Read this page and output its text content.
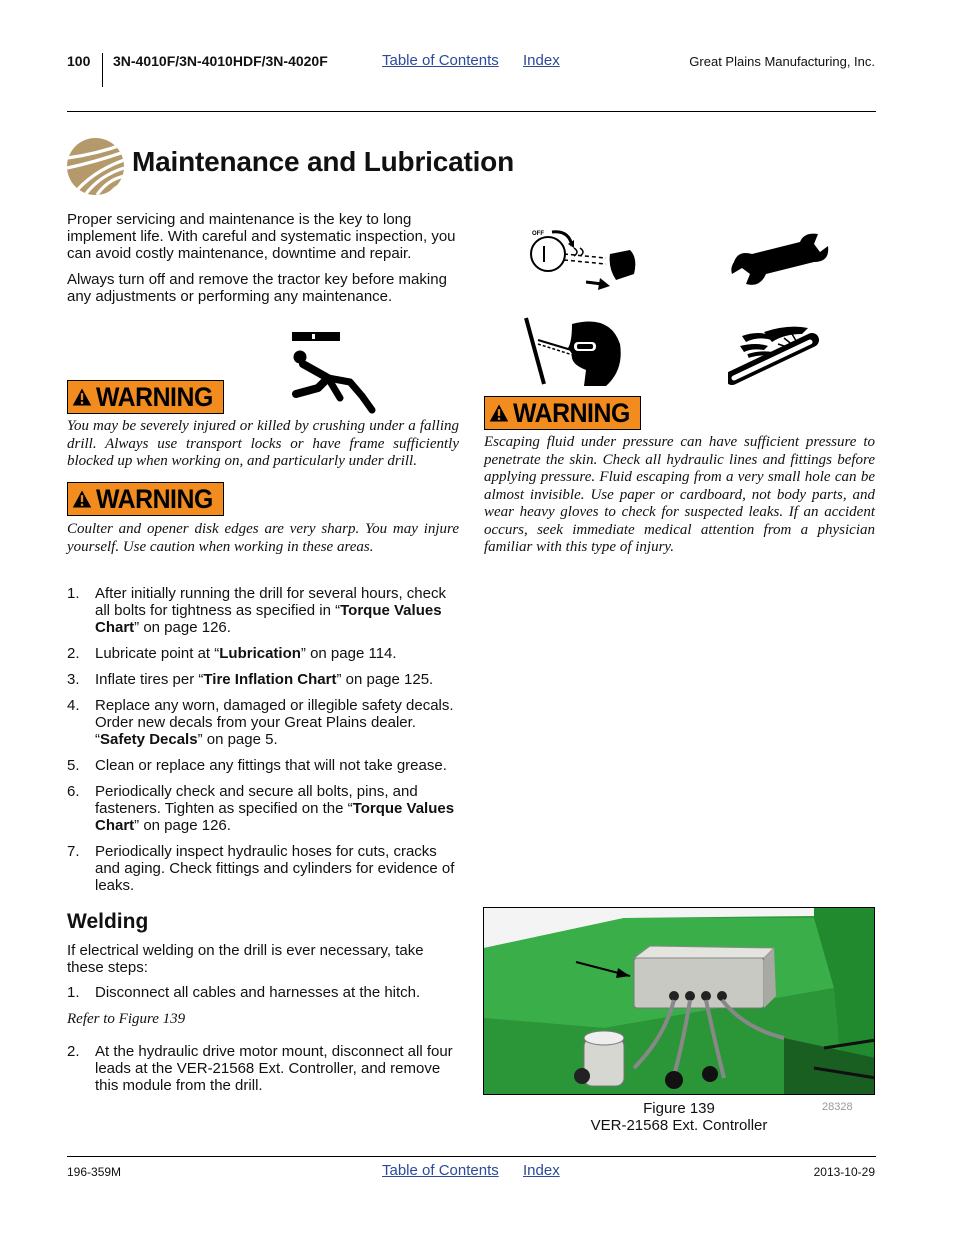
100 3N-4010F/3N-4010HDF/3N-4020F	Table of Contents Index	Great Plains Manufacturing, Inc.
Maintenance and Lubrication
Proper servicing and maintenance is the key to long implement life. With careful and systematic inspection, you can avoid costly maintenance, downtime and repair.
Always turn off and remove the tractor key before making any adjustments or performing any maintenance.
WARNING
You may be severely injured or killed by crushing under a falling drill. Always use transport locks or have frame sufficiently blocked up when working on, and particularly under drill.
WARNING
Coulter and opener disk edges are very sharp. You may injure yourself. Use caution when working in these areas.
OFF
WARNING
Escaping fluid under pressure can have sufficient pressure to penetrate the skin. Check all hydraulic lines and fittings before applying pressure. Fluid escaping from a very small hole can be almost invisible. Use paper or cardboard, not body parts, and wear heavy gloves to check for suspected leaks. If an accident occurs, seek immediate medical attention from a physician familiar with this type of injury.
1. After initially running the drill for several hours, check all bolts for tightness as specified in “Torque Values Chart” on page 126.
2. Lubricate point at “Lubrication” on page 114.
3. Inflate tires per “Tire Inflation Chart” on page 125.
4. Replace any worn, damaged or illegible safety decals. Order new decals from your Great Plains dealer. “Safety Decals” on page 5.
5. Clean or replace any fittings that will not take grease.
6. Periodically check and secure all bolts, pins, and fasteners. Tighten as specified on the “Torque Values Chart” on page 126.
7. Periodically inspect hydraulic hoses for cuts, cracks and aging. Check fittings and cylinders for evidence of leaks.
Welding
If electrical welding on the drill is ever necessary, take these steps:
1. Disconnect all cables and harnesses at the hitch.
Refer to Figure 139
2. At the hydraulic drive motor mount, disconnect all four leads at the VER-21568 Ext. Controller, and remove this module from the drill.
Figure 139
VER-21568 Ext. Controller
28328
196-359M	Table of Contents Index	2013-10-29
